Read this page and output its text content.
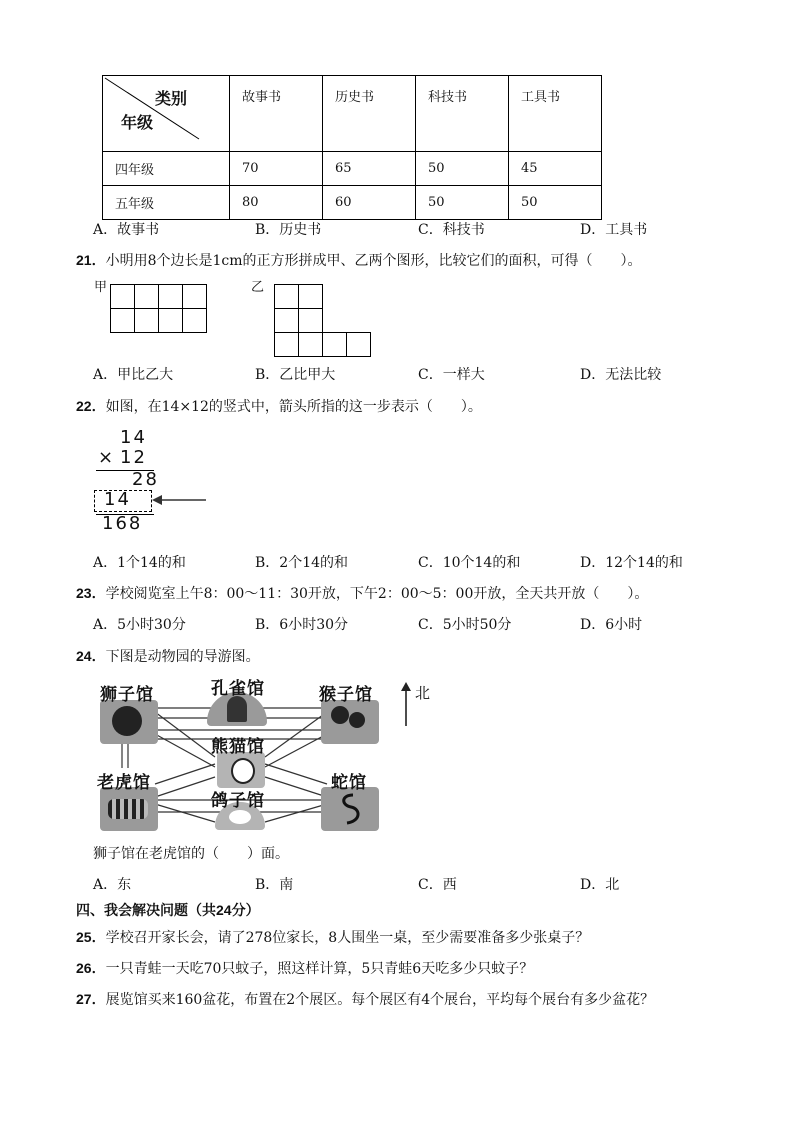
类别
年级	故事书	历史书	科技书	工具书
四年级	70	65	50	45
五年级	80	60	50	50
A．故事书	B．历史书	C．科技书	D．工具书
21．小明用8个边长是1cm的正方形拼成甲、乙两个图形，比较它们的面积，可得（　　）。
甲	乙
A．甲比乙大	B．乙比甲大	C．一样大	D．无法比较
22．如图，在14×12的竖式中，箭头所指的这一步表示（　　）。
14
× 12
28
14
168
A．1个14的和	B．2个14的和	C．10个14的和	D．12个14的和
23．学校阅览室上午8：00～11：30开放，下午2：00～5：00开放，全天共开放（　　）。
A．5小时30分	B．6小时30分	C．5小时50分	D．6小时
24．下图是动物园的导游图。
狮子馆	孔雀馆	猴子馆
熊猫馆
老虎馆
鸽子馆
蛇馆
北
狮子馆在老虎馆的（　　）面。
A．东	B．南	C．西	D．北
四、我会解决问题（共24分）
25．学校召开家长会，请了278位家长，8人围坐一桌，至少需要准备多少张桌子？
26．一只青蛙一天吃70只蚊子，照这样计算，5只青蛙6天吃多少只蚊子？
27．展览馆买来160盆花，布置在2个展区。每个展区有4个展台，平均每个展台有多少盆花？
